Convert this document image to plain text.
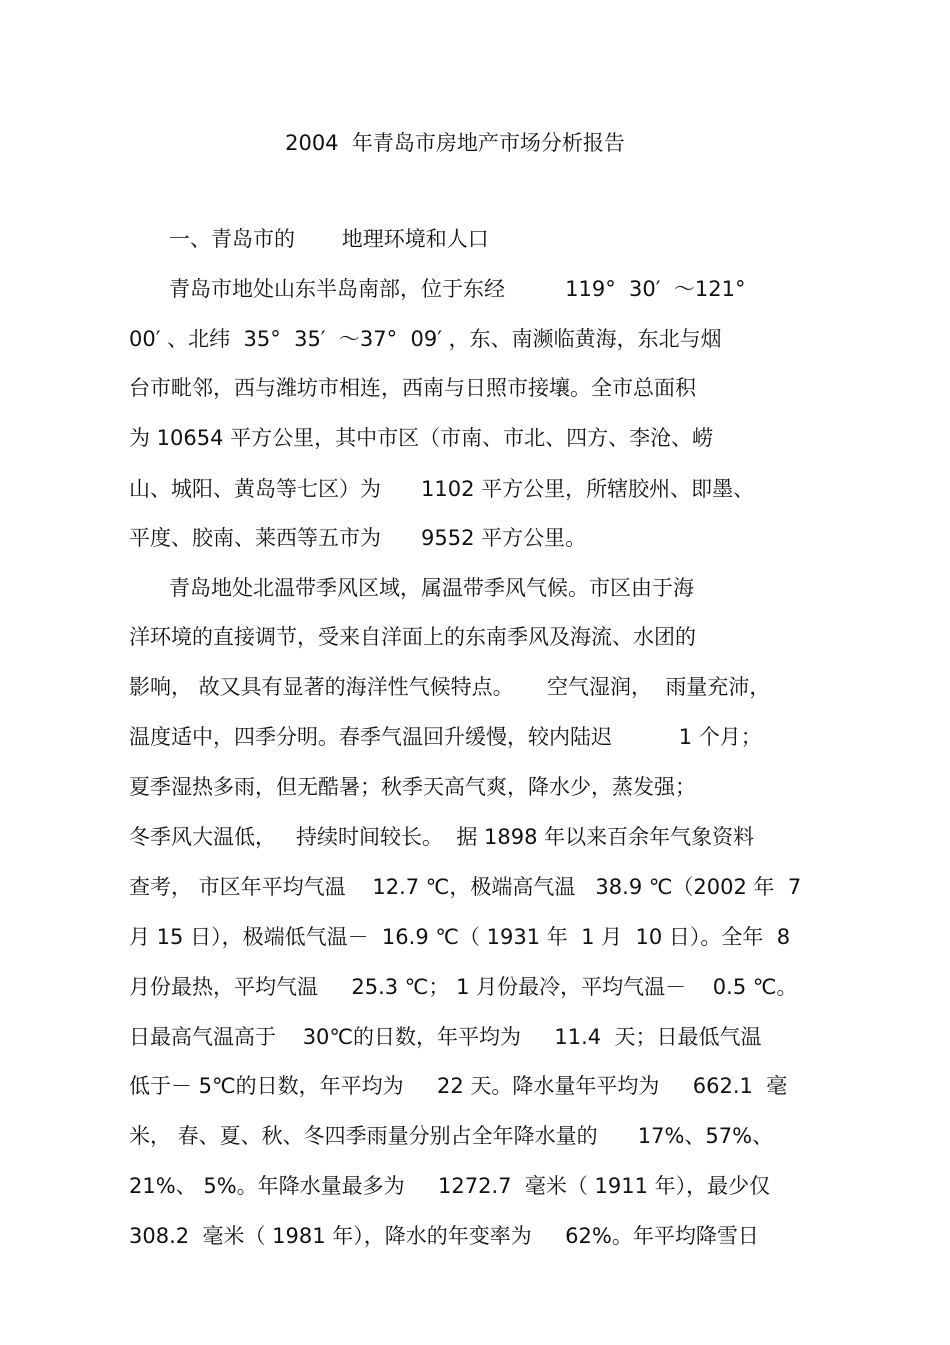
2004  年青岛市房地产市场分析报告
一、青岛市的       地理环境和人口
青岛市地处山东半岛南部，位于东经         119°  30′  ～121°
00′ 、北纬  35°  35′  ～37°  09′ ，东、南濒临黄海，东北与烟
台市毗邻，西与潍坊市相连，西南与日照市接壤。全市总面积
为 10654 平方公里，其中市区（市南、市北、四方、李沧、崂
山、城阳、黄岛等七区）为      1102 平方公里，所辖胶州、即墨、
平度、胶南、莱西等五市为      9552 平方公里。
青岛地处北温带季风区域，属温带季风气候。市区由于海
洋环境的直接调节，受来自洋面上的东南季风及海流、水团的
影响， 故又具有显著的海洋性气候特点。     空气湿润，  雨量充沛，
温度适中，四季分明。春季气温回升缓慢，较内陆迟          1 个月；
夏季湿热多雨，但无酷暑；秋季天高气爽，降水少，蒸发强；
冬季风大温低，   持续时间较长。  据 1898 年以来百余年气象资料
查考， 市区年平均气温    12.7 ℃，极端高气温   38.9 ℃（2002 年  7
月 15 日），极端低气温－  16.9 ℃（ 1931 年  1 月  10 日）。全年  8
月份最热，平均气温     25.3 ℃； 1 月份最冷，平均气温－    0.5 ℃。
日最高气温高于    30℃的日数，年平均为     11.4  天；日最低气温
低于－ 5℃的日数，年平均为     22 天。降水量年平均为     662.1  毫
米， 春、夏、秋、冬四季雨量分别占全年降水量的      17%、57%、
21%、 5%。年降水量最多为     1272.7  毫米（ 1911 年），最少仅
308.2  毫米（ 1981 年），降水的年变率为     62%。年平均降雪日
